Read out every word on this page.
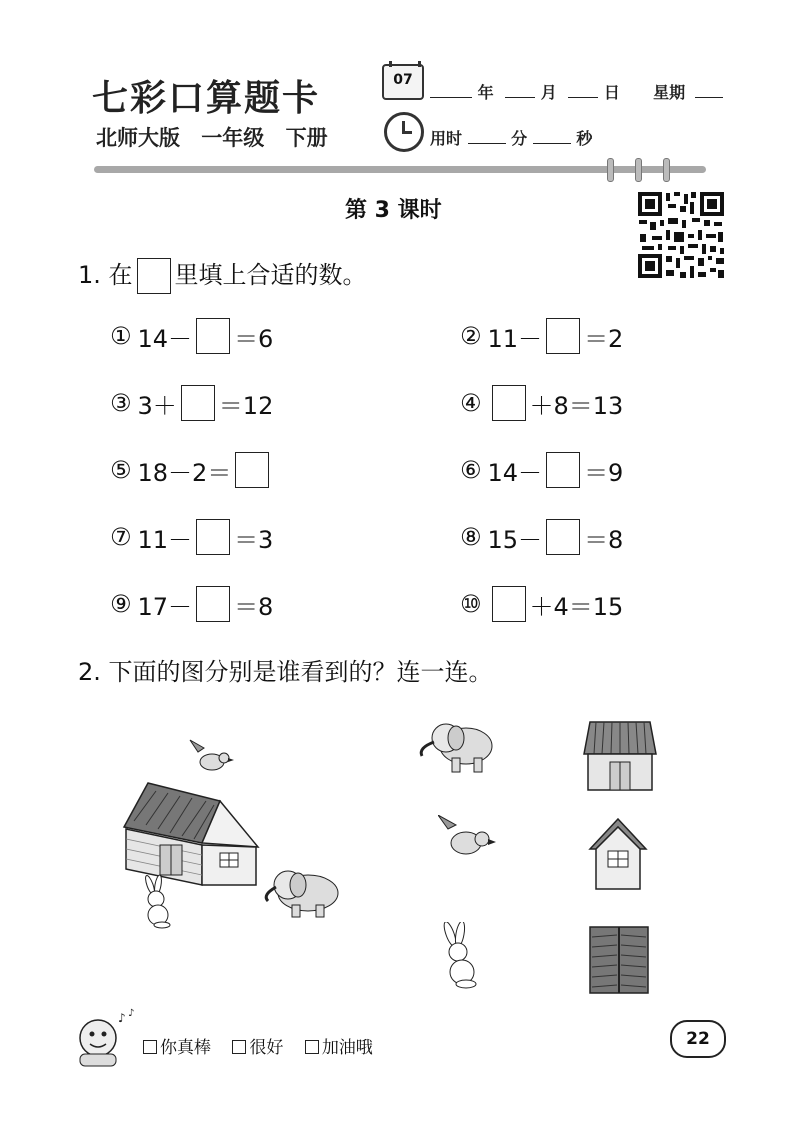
七彩口算题卡
北师大版 一年级 下册
07
年	月	日 星期
用时	分	秒
第 3 课时
1. 在 里填上合适的数。
① 14－ ＝6	② 11－ ＝2
③ 3＋ ＝12	④ ＋8＝13
⑤ 18－2＝	⑥ 14－ ＝9
⑦ 11－ ＝3	⑧ 15－ ＝8
⑨ 17－ ＝8	⑩ ＋4＝15
2. 下面的图分别是谁看到的？连一连。
♪ ♪
你真棒 很好 加油哦	22
